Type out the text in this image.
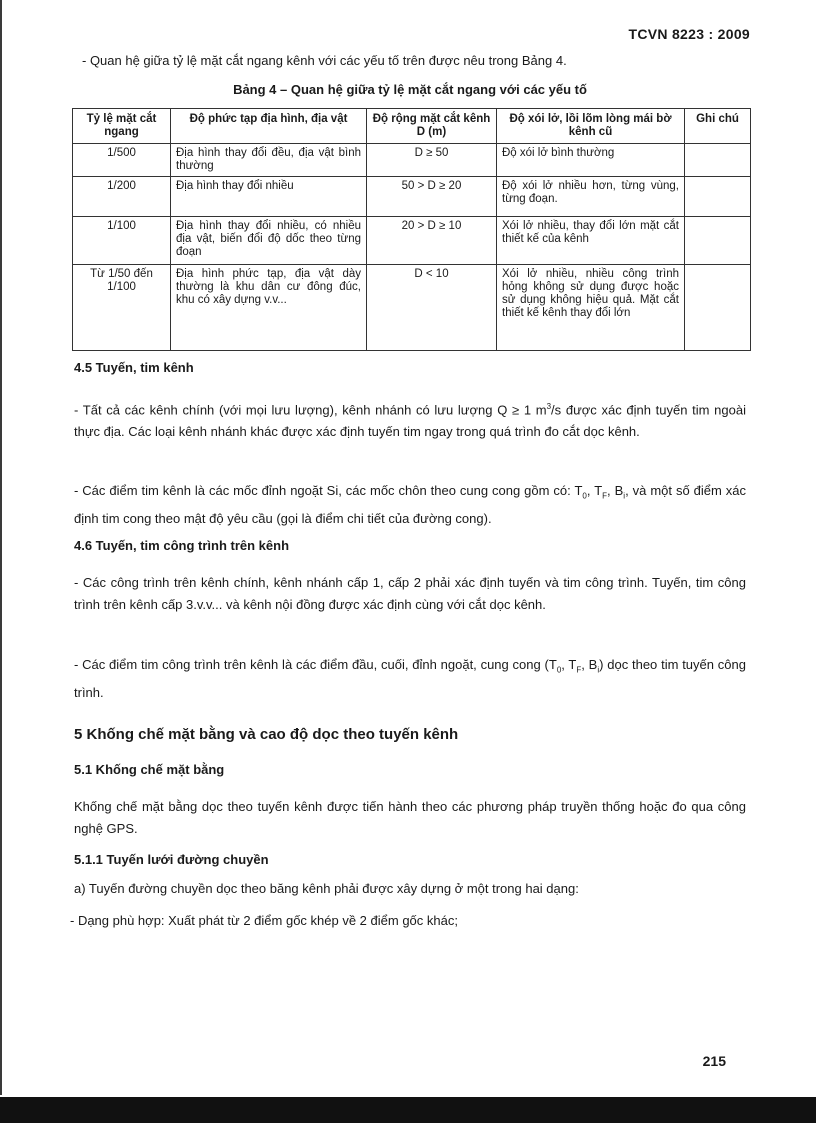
TCVN 8223 : 2009
- Quan hệ giữa tỷ lệ mặt cắt ngang kênh với các yếu tố trên được nêu trong Bảng 4.
Bảng 4 – Quan hệ giữa tỷ lệ mặt cắt ngang với các yếu tố
Tỷ lệ mặt cắt ngang	Độ phức tạp địa hình, địa vật	Độ rộng mặt cắt kênh D (m)	Độ xói lở, lồi lõm lòng mái bờ kênh cũ	Ghi chú
1/500	Địa hình thay đổi đều, địa vật bình thường	D ≥ 50	Độ xói lở bình thường	
1/200	Địa hình thay đổi nhiều	50 > D ≥ 20	Độ xói lở nhiều hơn, từng vùng, từng đoạn.	
1/100	Địa hình thay đổi nhiều, có nhiều địa vật, biến đổi độ dốc theo từng đoạn	20 > D ≥ 10	Xói lở nhiều, thay đổi lớn mặt cắt thiết kế của kênh	
Từ 1/50 đến 1/100	Địa hình phức tạp, địa vật dày thường là khu dân cư đông đúc, khu có xây dựng v.v...	D < 10	Xói lở nhiều, nhiều công trình hỏng không sử dụng được hoặc sử dụng không hiệu quả. Mặt cắt thiết kế kênh thay đổi lớn	
4.5 Tuyến, tim kênh
- Tất cả các kênh chính (với mọi lưu lượng), kênh nhánh có lưu lượng Q ≥ 1 $m^3/s$ được xác định tuyến tim ngoài thực địa. Các loại kênh nhánh khác được xác định tuyến tim ngay trong quá trình đo cắt dọc kênh.
- Các điểm tim kênh là các mốc đỉnh ngoặt Si, các mốc chôn theo cung cong gồm có: $T_0$, $T_F$, $B_i$, và một số điểm xác định tim cong theo mật độ yêu cầu (gọi là điểm chi tiết của đường cong).
4.6 Tuyến, tim công trình trên kênh
- Các công trình trên kênh chính, kênh nhánh cấp 1, cấp 2 phải xác định tuyến và tim công trình. Tuyến, tim công trình trên kênh cấp 3.v.v... và kênh nội đồng được xác định cùng với cắt dọc kênh.
- Các điểm tim công trình trên kênh là các điểm đầu, cuối, đỉnh ngoặt, cung cong ($T_0$, $T_F$, $B_i$) dọc theo tim tuyến công trình.
5 Khống chế mặt bằng và cao độ dọc theo tuyến kênh
5.1 Khống chế mặt bằng
Khống chế mặt bằng dọc theo tuyến kênh được tiến hành theo các phương pháp truyền thống hoặc đo qua công nghệ GPS.
5.1.1 Tuyến lưới đường chuyền
a) Tuyến đường chuyền dọc theo băng kênh phải được xây dựng ở một trong hai dạng:
- Dạng phù hợp: Xuất phát từ 2 điểm gốc khép về 2 điểm gốc khác;
215
